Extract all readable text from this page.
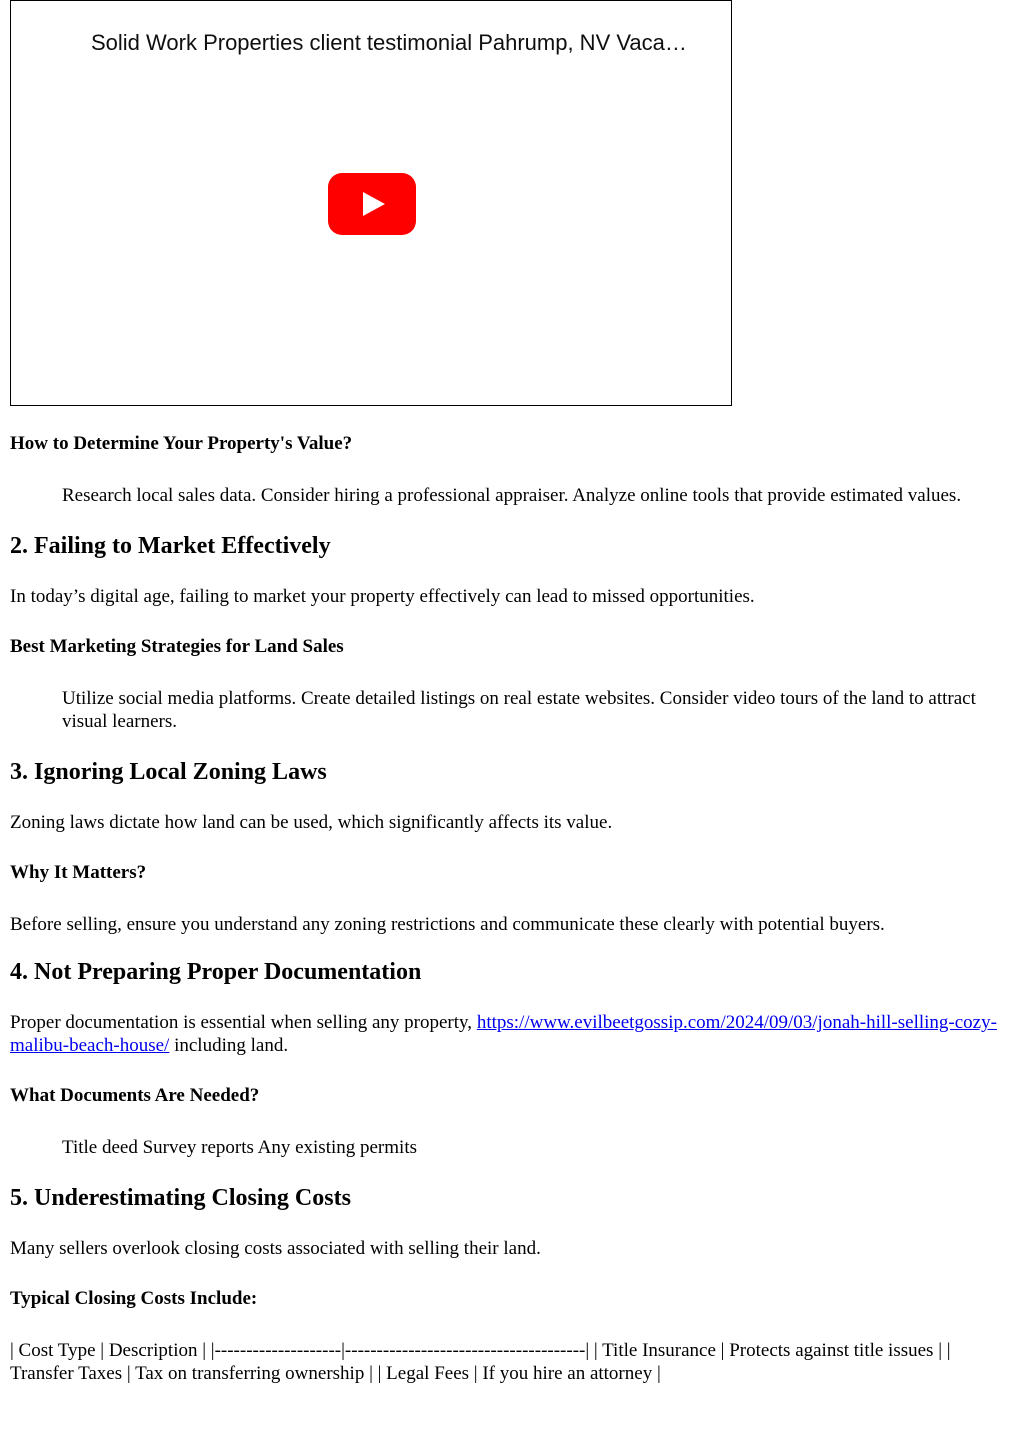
Solid Work Properties client testimonial Pahrump, NV Vaca…
How to Determine Your Property's Value?
Research local sales data. Consider hiring a professional appraiser. Analyze online tools that provide estimated values.
2. Failing to Market Effectively

In today’s digital age, failing to market your property effectively can lead to missed opportunities.

Best Marketing Strategies for Land Sales
Utilize social media platforms. Create detailed listings on real estate websites. Consider video tours of the land to attract visual learners.
3. Ignoring Local Zoning Laws

Zoning laws dictate how land can be used, which significantly affects its value.

Why It Matters?

Before selling, ensure you understand any zoning restrictions and communicate these clearly with potential buyers.

4. Not Preparing Proper Documentation

Proper documentation is essential when selling any property, https://www.evilbeetgossip.com/2024/09/03/jonah-hill-selling-cozy-malibu-beach-house/ including land.

What Documents Are Needed?
Title deed Survey reports Any existing permits
5. Underestimating Closing Costs

Many sellers overlook closing costs associated with selling their land.

Typical Closing Costs Include:

| Cost Type | Description | |--------------------|--------------------------------------| | Title Insurance | Protects against title issues | | Transfer Taxes | Tax on transferring ownership | | Legal Fees | If you hire an attorney |
